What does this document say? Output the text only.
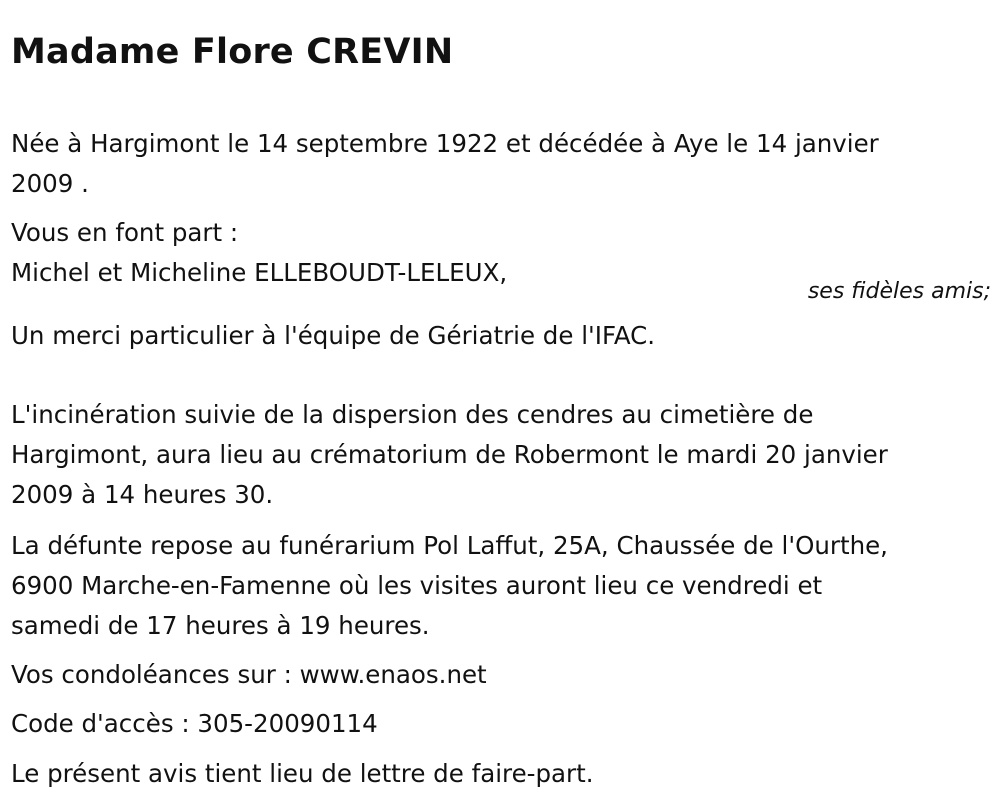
Madame Flore CREVIN

Née à Hargimont le 14 septembre 1922 et décédée à Aye le 14 janvier
2009 .

Vous en font part :
Michel et Micheline ELLEBOUDT-LELEUX,

ses fidèles amis;

Un merci particulier à l'équipe de Gériatrie de l'IFAC.

L'incinération suivie de la dispersion des cendres au cimetière de
Hargimont, aura lieu au crématorium de Robermont le mardi 20 janvier
2009 à 14 heures 30.

La défunte repose au funérarium Pol Laffut, 25A, Chaussée de l'Ourthe,
6900 Marche-en-Famenne où les visites auront lieu ce vendredi et
samedi de 17 heures à 19 heures.

Vos condoléances sur : www.enaos.net

Code d'accès : 305-20090114

Le présent avis tient lieu de lettre de faire-part.
